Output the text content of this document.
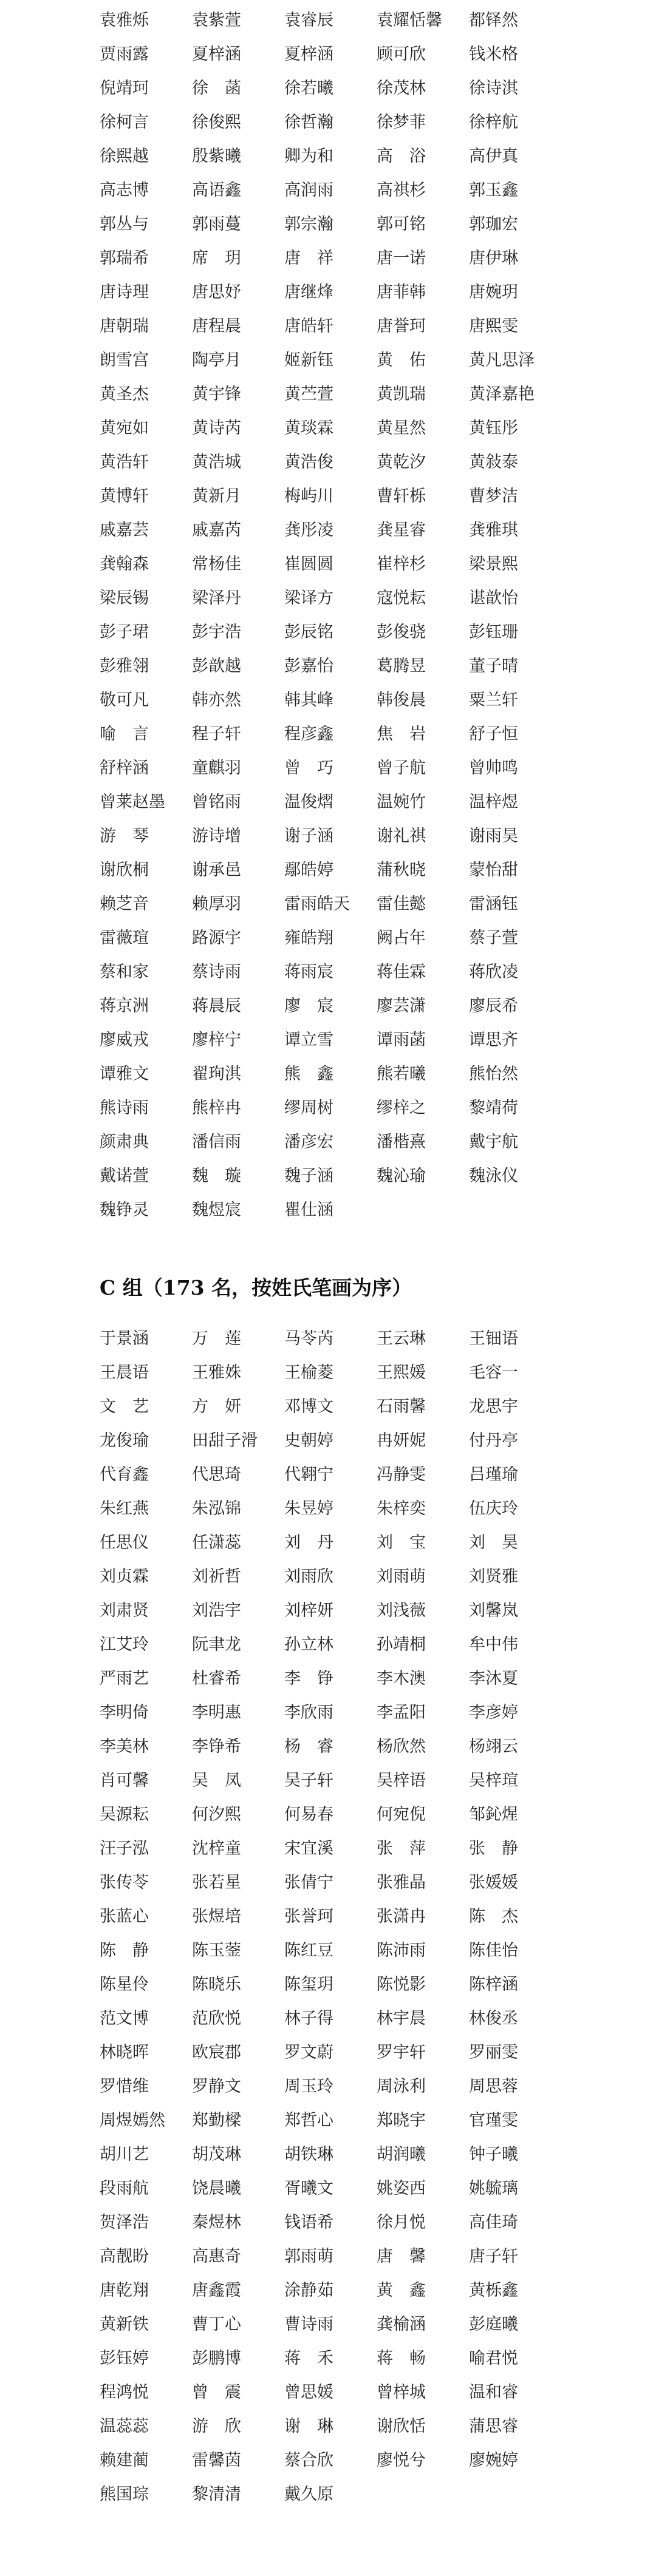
袁雅烁	袁紫萱	袁睿辰	袁耀恬馨	都铎然
贾雨露	夏梓涵	夏梓涵	顾可欣	钱米格
倪靖珂	徐　菡	徐若曦	徐茂林	徐诗淇
徐柯言	徐俊熙	徐哲瀚	徐梦菲	徐梓航
徐熙越	殷紫曦	卿为和	高　浴	高伊真
高志博	高语鑫	高润雨	高祺杉	郭玉鑫
郭丛与	郭雨蔓	郭宗瀚	郭可铭	郭珈宏
郭瑞希	席　玥	唐　祥	唐一诺	唐伊琳
唐诗理	唐思妤	唐继烽	唐菲韩	唐婉玥
唐朝瑞	唐程晨	唐皓轩	唐誉珂	唐熙雯
朗雪宫	陶亭月	姬新钰	黄　佑	黄凡思泽
黄圣杰	黄宇锋	黄苎萱	黄凯瑞	黄泽嘉艳
黄宛如	黄诗芮	黄琰霖	黄星然	黄钰彤
黄浩轩	黄浩城	黄浩俊	黄乾汐	黄敍泰
黄博轩	黄新月	梅屿川	曹轩栎	曹梦洁
戚嘉芸	戚嘉芮	龚彤凌	龚星睿	龚雅琪
龚翰森	常杨佳	崔圆圆	崔梓杉	梁景熙
梁辰锡	梁泽丹	梁译方	寇悦耘	谌歆怡
彭子珺	彭宇浩	彭辰铭	彭俊骁	彭钰珊
彭雅翎	彭歆越	彭嘉怡	葛腾昱	董子晴
敬可凡	韩亦然	韩其峰	韩俊晨	粟兰轩
喻　言	程子轩	程彦鑫	焦　岩	舒子恒
舒梓涵	童麒羽	曾　巧	曾子航	曾帅鸣
曾莱赵墨	曾铭雨	温俊熠	温婉竹	温梓煜
游　琴	游诗增	谢子涵	谢礼祺	谢雨昊
谢欣桐	谢承邑	鄢皓婷	蒲秋晓	蒙怡甜
赖芝音	赖厚羽	雷雨皓天	雷佳懿	雷涵钰
雷薇瑄	路源宇	雍皓翔	阙占年	蔡子萱
蔡和家	蔡诗雨	蒋雨宸	蒋佳霖	蒋欣凌
蒋京洲	蒋晨辰	廖　宸	廖芸潇	廖辰希
廖威戎	廖梓宁	谭立雪	谭雨菡	谭思齐
谭雅文	翟珣淇	熊　鑫	熊若曦	熊怡然
熊诗雨	熊梓冉	缪周树	缪梓之	黎靖荷
颜肃典	潘信雨	潘彦宏	潘楷熹	戴宇航
戴诺萱	魏　璇	魏子涵	魏沁瑜	魏泳仪
魏铮灵	魏煜宸	瞿仕涵
C 组（173 名，按姓氏笔画为序）
于景涵	万　莲	马苓芮	王云琳	王钿语
王晨语	王雅姝	王榆菱	王熙媛	毛容一
文　艺	方　妍	邓博文	石雨馨	龙思宇
龙俊瑜	田甜子滑	史朝婷	冉妍妮	付丹亭
代育鑫	代思琦	代翱宁	冯静雯	吕瑾瑜
朱红燕	朱泓锦	朱昱婷	朱梓奕	伍庆玲
任思仪	任潇蕊	刘　丹	刘　宝	刘　昊
刘贞霖	刘祈哲	刘雨欣	刘雨萌	刘贤雅
刘肃贤	刘浩宇	刘梓妍	刘浅薇	刘馨岚
江艾玲	阮聿龙	孙立林	孙靖桐	牟中伟
严雨艺	杜睿希	李　铮	李木澳	李沐夏
李明倚	李明惠	李欣雨	李孟阳	李彦婷
李美林	李铮希	杨　睿	杨欣然	杨翊云
肖可馨	吴　凤	吴子轩	吴梓语	吴梓瑄
吴源耘	何汐熙	何易春	何宛倪	邹鈊煋
汪子泓	沈梓童	宋宜溪	张　萍	张　静
张传苓	张若星	张倩宁	张雅晶	张媛媛
张蓝心	张煜培	张誉珂	张潇冉	陈　杰
陈　静	陈玉蓥	陈红豆	陈沛雨	陈佳怡
陈星伶	陈晓乐	陈玺玥	陈悦影	陈梓涵
范文博	范欣悦	林子得	林宇晨	林俊丞
林晓晖	欧宸郡	罗文蔚	罗宇轩	罗丽雯
罗惜维	罗静文	周玉玲	周泳利	周思蓉
周煜嫣然	郑勤樑	郑哲心	郑晓宇	官瑾雯
胡川艺	胡茂琳	胡铁琳	胡润曦	钟子曦
段雨航	饶晨曦	胥曦文	姚姿西	姚毓璃
贺泽浩	秦煜林	钱语希	徐月悦	高佳琦
高靓盼	高惠奇	郭雨萌	唐　馨	唐子轩
唐乾翔	唐鑫霞	涂静茹	黄　鑫	黄栎鑫
黄新铁	曹丁心	曹诗雨	龚榆涵	彭庭曦
彭钰婷	彭鹏博	蒋　禾	蒋　畅	喻君悦
程鸿悦	曾　震	曾思媛	曾梓城	温和睿
温蕊蕊	游　欣	谢　琳	谢欣恬	蒲思睿
赖建蔺	雷馨茵	蔡合欣	廖悦兮	廖婉婷
熊国琮	黎清清	戴久原
